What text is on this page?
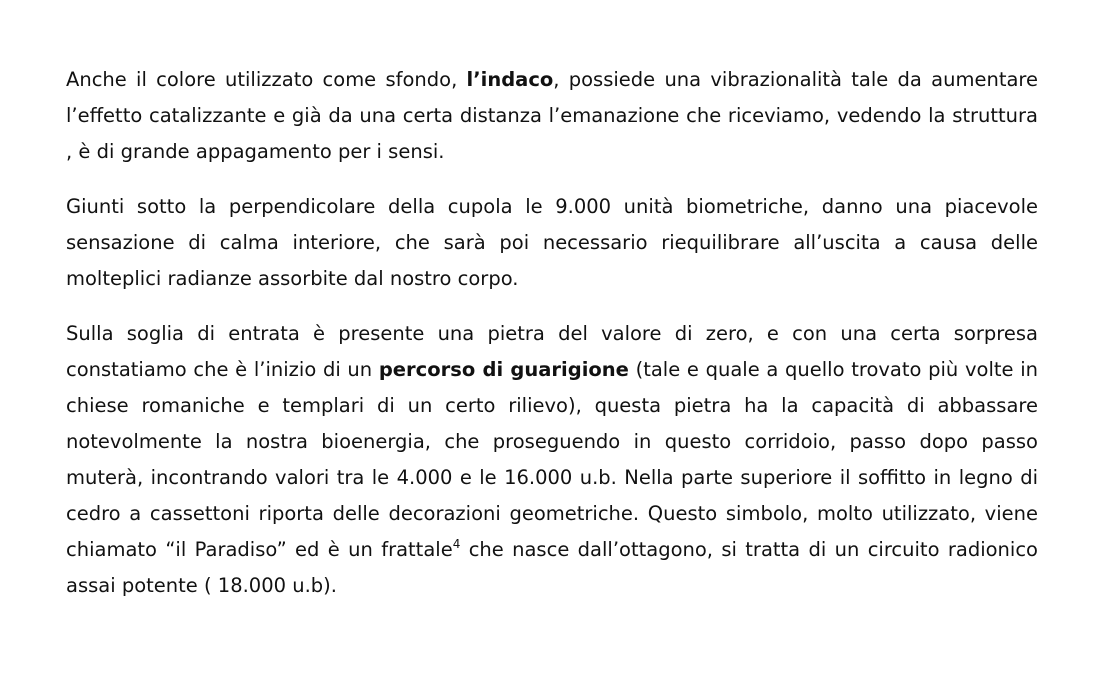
Anche il colore utilizzato come sfondo, l’indaco, possiede una vibrazionalità tale da aumentare l’effetto catalizzante e già da una certa distanza l’emanazione che riceviamo, vedendo la struttura , è di grande appagamento per i sensi.

Giunti sotto la perpendicolare della cupola le 9.000 unità biometriche, danno una piacevole sensazione di calma interiore, che sarà poi necessario riequilibrare all’uscita a causa delle molteplici radianze assorbite dal nostro corpo.

Sulla soglia di entrata è presente una pietra del valore di zero, e con una certa sorpresa constatiamo che è l’inizio di un percorso di guarigione (tale e quale a quello trovato più volte in chiese romaniche e templari di un certo rilievo), questa pietra ha la capacità di abbassare notevolmente la nostra bioenergia, che proseguendo in questo corridoio, passo dopo passo muterà, incontrando valori tra le 4.000 e le 16.000 u.b. Nella parte superiore il soffitto in legno di cedro a cassettoni riporta delle decorazioni geometriche. Questo simbolo, molto utilizzato, viene chiamato “il Paradiso” ed è un frattale$^4$ che nasce dall’ottagono, si tratta di un circuito radionico assai potente ( 18.000 u.b).
